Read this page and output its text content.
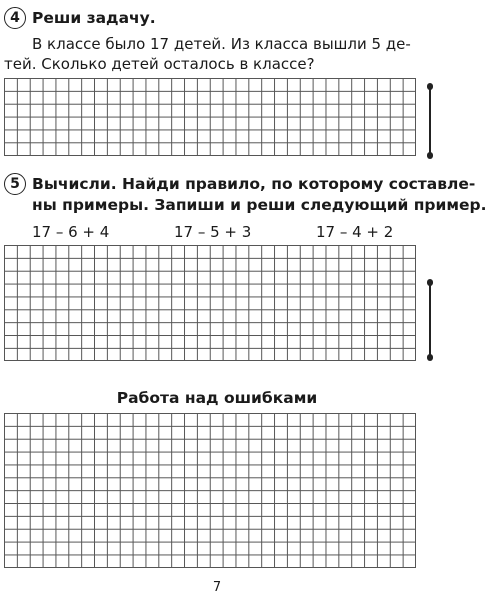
4 Реши задачу.
В классе было 17 детей. Из класса вышли 5 де-
тей. Сколько детей осталось в классе?
5 Вычисли. Найди правило, по которому составле-
ны примеры. Запиши и реши следующий пример.
17 – 6 + 4	17 – 5 + 3	17 – 4 + 2
Работа над ошибками
7
